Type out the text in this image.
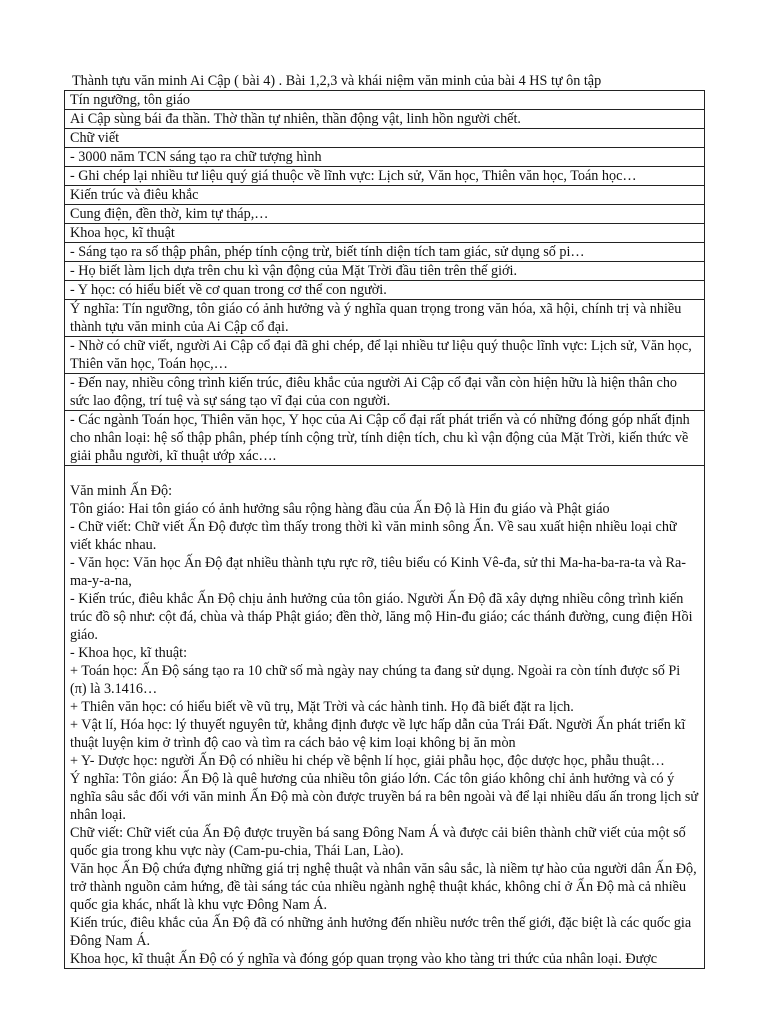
Thành tựu văn minh Ai Cập ( bài 4) . Bài 1,2,3 và khái niệm văn minh của bài 4 HS tự ôn tập
Tín ngưỡng, tôn giáo
Ai Cập sùng bái đa thần. Thờ thần tự nhiên, thần động vật, linh hồn người chết.
Chữ viết
- 3000 năm TCN sáng tạo ra chữ tượng hình
- Ghi chép lại nhiều tư liệu quý giá thuộc về lĩnh vực: Lịch sử, Văn học, Thiên văn học, Toán học…
Kiến trúc và điêu khắc
Cung điện, đền thờ, kim tự tháp,…
Khoa học, kĩ thuật
- Sáng tạo ra số thập phân, phép tính cộng trừ, biết tính diện tích tam giác, sử dụng số pi…
- Họ biết làm lịch dựa trên chu kì vận động của Mặt Trời đầu tiên trên thế giới.
- Y học: có hiểu biết về cơ quan trong cơ thể con người.
Ý nghĩa: Tín ngưỡng, tôn giáo có ảnh hưởng và ý nghĩa quan trọng trong văn hóa, xã hội, chính trị và nhiều thành tựu văn minh của Ai Cập cổ đại.
- Nhờ có chữ viết, người Ai Cập cổ đại đã ghi chép, để lại nhiều tư liệu quý thuộc lĩnh vực: Lịch sử, Văn học, Thiên văn học, Toán học,…
- Đến nay, nhiều công trình kiến trúc, điêu khắc của người Ai Cập cổ đại vẫn còn hiện hữu là hiện thân cho sức lao động, trí tuệ và sự sáng tạo vĩ đại của con người.
- Các ngành Toán học, Thiên văn học, Y học của Ai Cập cổ đại rất phát triển và có những đóng góp nhất định cho nhân loại: hệ số thập phân, phép tính cộng trừ, tính diện tích, chu kì vận động của Mặt Trời, kiến thức về giải phẫu người, kĩ thuật ướp xác….

Văn minh Ấn Độ:
Tôn giáo: Hai tôn giáo có ảnh hưởng sâu rộng hàng đầu của Ấn Độ là Hin đu giáo và Phật giáo
- Chữ viết: Chữ viết Ấn Độ được tìm thấy trong thời kì văn minh sông Ấn. Về sau xuất hiện nhiều loại chữ viết khác nhau.
- Văn học: Văn học Ấn Độ đạt nhiều thành tựu rực rỡ, tiêu biểu có Kinh Vê-đa, sử thi Ma-ha-ba-ra-ta và Ra-ma-y-a-na,
- Kiến trúc, điêu khắc Ấn Độ chịu ảnh hưởng của tôn giáo. Người Ấn Độ đã xây dựng nhiều công trình kiến trúc đồ sộ như: cột đá, chùa và tháp Phật giáo; đền thờ, lăng mộ Hin-đu giáo; các thánh đường, cung điện Hồi giáo.
- Khoa học, kĩ thuật:
+ Toán học: Ấn Độ sáng tạo ra 10 chữ số mà ngày nay chúng ta đang sử dụng. Ngoài ra còn tính được số Pi (π) là 3.1416…
+ Thiên văn học: có hiểu biết về vũ trụ, Mặt Trời và các hành tinh. Họ đã biết đặt ra lịch.
+ Vật lí, Hóa học: lý thuyết nguyên tử, khẳng định được về lực hấp dẫn của Trái Đất. Người Ấn phát triển kĩ thuật luyện kim ở trình độ cao và tìm ra cách bảo vệ kim loại không bị ăn mòn
+ Y- Dược học: người Ấn Độ có nhiều hi chép về bệnh lí học, giải phẫu học, độc dược học, phẫu thuật…
Ý nghĩa: Tôn giáo: Ấn Độ là quê hương của nhiều tôn giáo lớn. Các tôn giáo không chỉ ảnh hưởng và có ý nghĩa sâu sắc đối với văn minh Ấn Độ mà còn được truyền bá ra bên ngoài và để lại nhiều dấu ấn trong lịch sử nhân loại.
Chữ viết: Chữ viết của Ấn Độ được truyền bá sang Đông Nam Á và được cải biên thành chữ viết của một số quốc gia trong khu vực này (Cam-pu-chia, Thái Lan, Lào).
Văn học Ấn Độ chứa đựng những giá trị nghệ thuật và nhân văn sâu sắc, là niềm tự hào của người dân Ấn Độ, trở thành nguồn cảm hứng, đề tài sáng tác của nhiều ngành nghệ thuật khác, không chỉ ở Ấn Độ mà cả nhiều quốc gia khác, nhất là khu vực Đông Nam Á.
Kiến trúc, điêu khắc của Ấn Độ đã có những ảnh hưởng đến nhiều nước trên thế giới, đặc biệt là các quốc gia Đông Nam Á.
Khoa học, kĩ thuật Ấn Độ có ý nghĩa và đóng góp quan trọng vào kho tàng tri thức của nhân loại. Được
